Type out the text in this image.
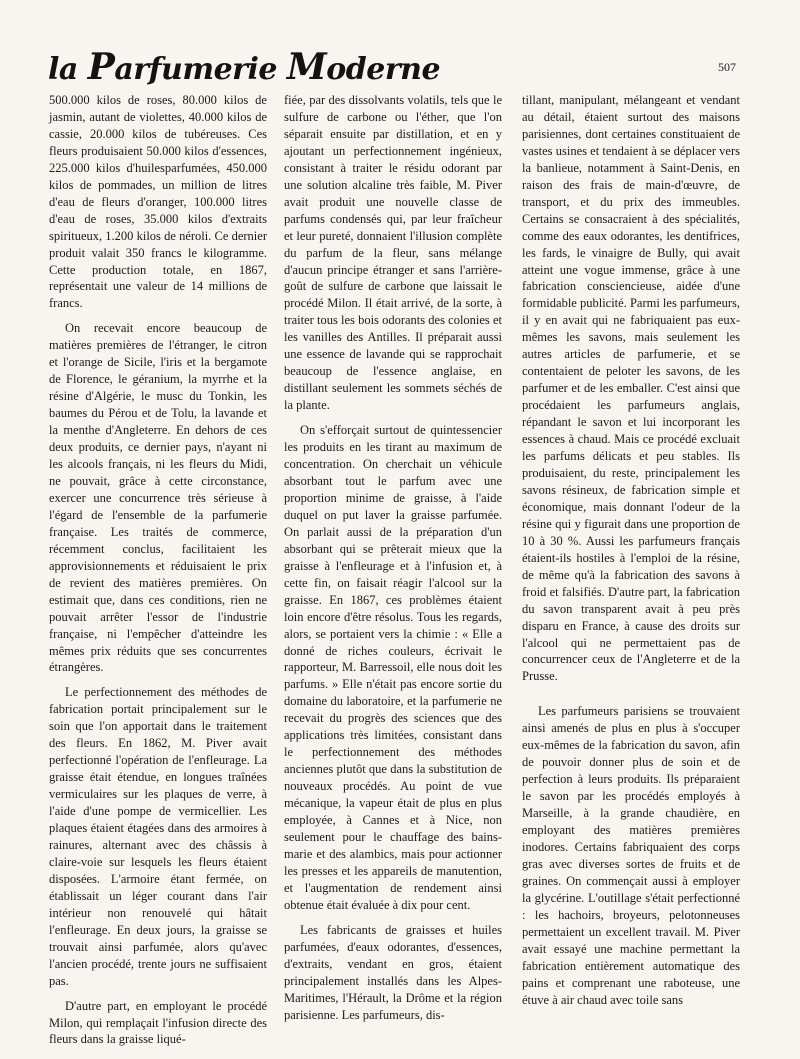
la Parfumerie Moderne	507

500.000 kilos de roses, 80.000 kilos de jasmin, autant de violettes, 40.000 kilos de cassie, 20.000 kilos de tubéreuses. Ces fleurs produisaient 50.000 kilos d'essences, 225.000 kilos d'huilesparfumées, 450.000 kilos de pommades, un million de litres d'eau de fleurs d'oranger, 100.000 litres d'eau de roses, 35.000 kilos d'extraits spiritueux, 1.200 kilos de néroli. Ce dernier produit valait 350 francs le kilogramme. Cette production totale, en 1867, représentait une valeur de 14 millions de francs.

On recevait encore beaucoup de matières premières de l'étranger, le citron et l'orange de Sicile, l'iris et la bergamote de Florence, le géranium, la myrrhe et la résine d'Algérie, le musc du Tonkin, les baumes du Pérou et de Tolu, la lavande et la menthe d'Angleterre. En dehors de ces deux produits, ce dernier pays, n'ayant ni les alcools français, ni les fleurs du Midi, ne pouvait, grâce à cette circonstance, exercer une concurrence très sérieuse à l'égard de l'ensemble de la parfumerie française. Les traités de commerce, récemment conclus, facilitaient les approvisionnements et réduisaient le prix de revient des matières premières. On estimait que, dans ces conditions, rien ne pouvait arrêter l'essor de l'industrie française, ni l'empêcher d'atteindre les mêmes prix réduits que ses concurrentes étrangères.

Le perfectionnement des méthodes de fabrication portait principalement sur le soin que l'on apportait dans le traitement des fleurs. En 1862, M. Piver avait perfectionné l'opération de l'enfleurage. La graisse était étendue, en longues traînées vermiculaires sur les plaques de verre, à l'aide d'une pompe de vermicellier. Les plaques étaient étagées dans des armoires à rainures, alternant avec des châssis à claire-voie sur lesquels les fleurs étaient disposées. L'armoire étant fermée, on établissait un léger courant dans l'air intérieur non renouvelé qui hâtait l'enfleurage. En deux jours, la graisse se trouvait ainsi parfumée, alors qu'avec l'ancien procédé, trente jours ne suffisaient pas.

D'autre part, en employant le procédé Milon, qui remplaçait l'infusion directe des fleurs dans la graisse liqué-

fiée, par des dissolvants volatils, tels que le sulfure de carbone ou l'éther, que l'on séparait ensuite par distillation, et en y ajoutant un perfectionnement ingénieux, consistant à traiter le résidu odorant par une solution alcaline très faible, M. Piver avait produit une nouvelle classe de parfums condensés qui, par leur fraîcheur et leur pureté, donnaient l'illusion complète du parfum de la fleur, sans mélange d'aucun principe étranger et sans l'arrière-goût de sulfure de carbone que laissait le procédé Milon. Il était arrivé, de la sorte, à traiter tous les bois odorants des colonies et les vanilles des Antilles. Il préparait aussi une essence de lavande qui se rapprochait beaucoup de l'essence anglaise, en distillant seulement les sommets séchés de la plante.

On s'efforçait surtout de quintessencier les produits en les tirant au maximum de concentration. On cherchait un véhicule absorbant tout le parfum avec une proportion minime de graisse, à l'aide duquel on put laver la graisse parfumée. On parlait aussi de la préparation d'un absorbant qui se prêterait mieux que la graisse à l'enfleurage et à l'infusion et, à cette fin, on faisait réagir l'alcool sur la graisse. En 1867, ces problèmes étaient loin encore d'être résolus. Tous les regards, alors, se portaient vers la chimie : « Elle a donné de riches couleurs, écrivait le rapporteur, M. Barressoil, elle nous doit les parfums. » Elle n'était pas encore sortie du domaine du laboratoire, et la parfumerie ne recevait du progrès des sciences que des applications très limitées, consistant dans le perfectionnement des méthodes anciennes plutôt que dans la substitution de nouveaux procédés. Au point de vue mécanique, la vapeur était de plus en plus employée, à Cannes et à Nice, non seulement pour le chauffage des bains-marie et des alambics, mais pour actionner les presses et les appareils de manutention, et l'augmentation de rendement ainsi obtenue était évaluée à dix pour cent.

Les fabricants de graisses et huiles parfumées, d'eaux odorantes, d'essences, d'extraits, vendant en gros, étaient principalement installés dans les Alpes-Maritimes, l'Hérault, la Drôme et la région parisienne. Les parfumeurs, dis-

tillant, manipulant, mélangeant et vendant au détail, étaient surtout des maisons parisiennes, dont certaines constituaient de vastes usines et tendaient à se déplacer vers la banlieue, notamment à Saint-Denis, en raison des frais de main-d'œuvre, de transport, et du prix des immeubles. Certains se consacraient à des spécialités, comme des eaux odorantes, les dentifrices, les fards, le vinaigre de Bully, qui avait atteint une vogue immense, grâce à une fabrication consciencieuse, aidée d'une formidable publicité. Parmi les parfumeurs, il y en avait qui ne fabriquaient pas eux-mêmes les savons, mais seulement les autres articles de parfumerie, et se contentaient de peloter les savons, de les parfumer et de les emballer. C'est ainsi que procédaient les parfumeurs anglais, répandant le savon et lui incorporant les essences à chaud. Mais ce procédé excluait les parfums délicats et peu stables. Ils produisaient, du reste, principalement les savons résineux, de fabrication simple et économique, mais donnant l'odeur de la résine qui y figurait dans une proportion de 10 à 30 %. Aussi les parfumeurs français étaient-ils hostiles à l'emploi de la résine, de même qu'à la fabrication des savons à froid et falsifiés. D'autre part, la fabrication du savon transparent avait à peu près disparu en France, à cause des droits sur l'alcool qui ne permettaient pas de concurrencer ceux de l'Angleterre et de la Prusse.

Les parfumeurs parisiens se trouvaient ainsi amenés de plus en plus à s'occuper eux-mêmes de la fabrication du savon, afin de pouvoir donner plus de soin et de perfection à leurs produits. Ils préparaient le savon par les procédés employés à Marseille, à la grande chaudière, en employant des matières premières inodores. Certains fabriquaient des corps gras avec diverses sortes de fruits et de graines. On commençait aussi à employer la glycérine. L'outillage s'était perfectionné : les hachoirs, broyeurs, pelotonneuses permettaient un excellent travail. M. Piver avait essayé une machine permettant la fabrication entièrement automatique des pains et comprenant une raboteuse, une étuve à air chaud avec toile sans
